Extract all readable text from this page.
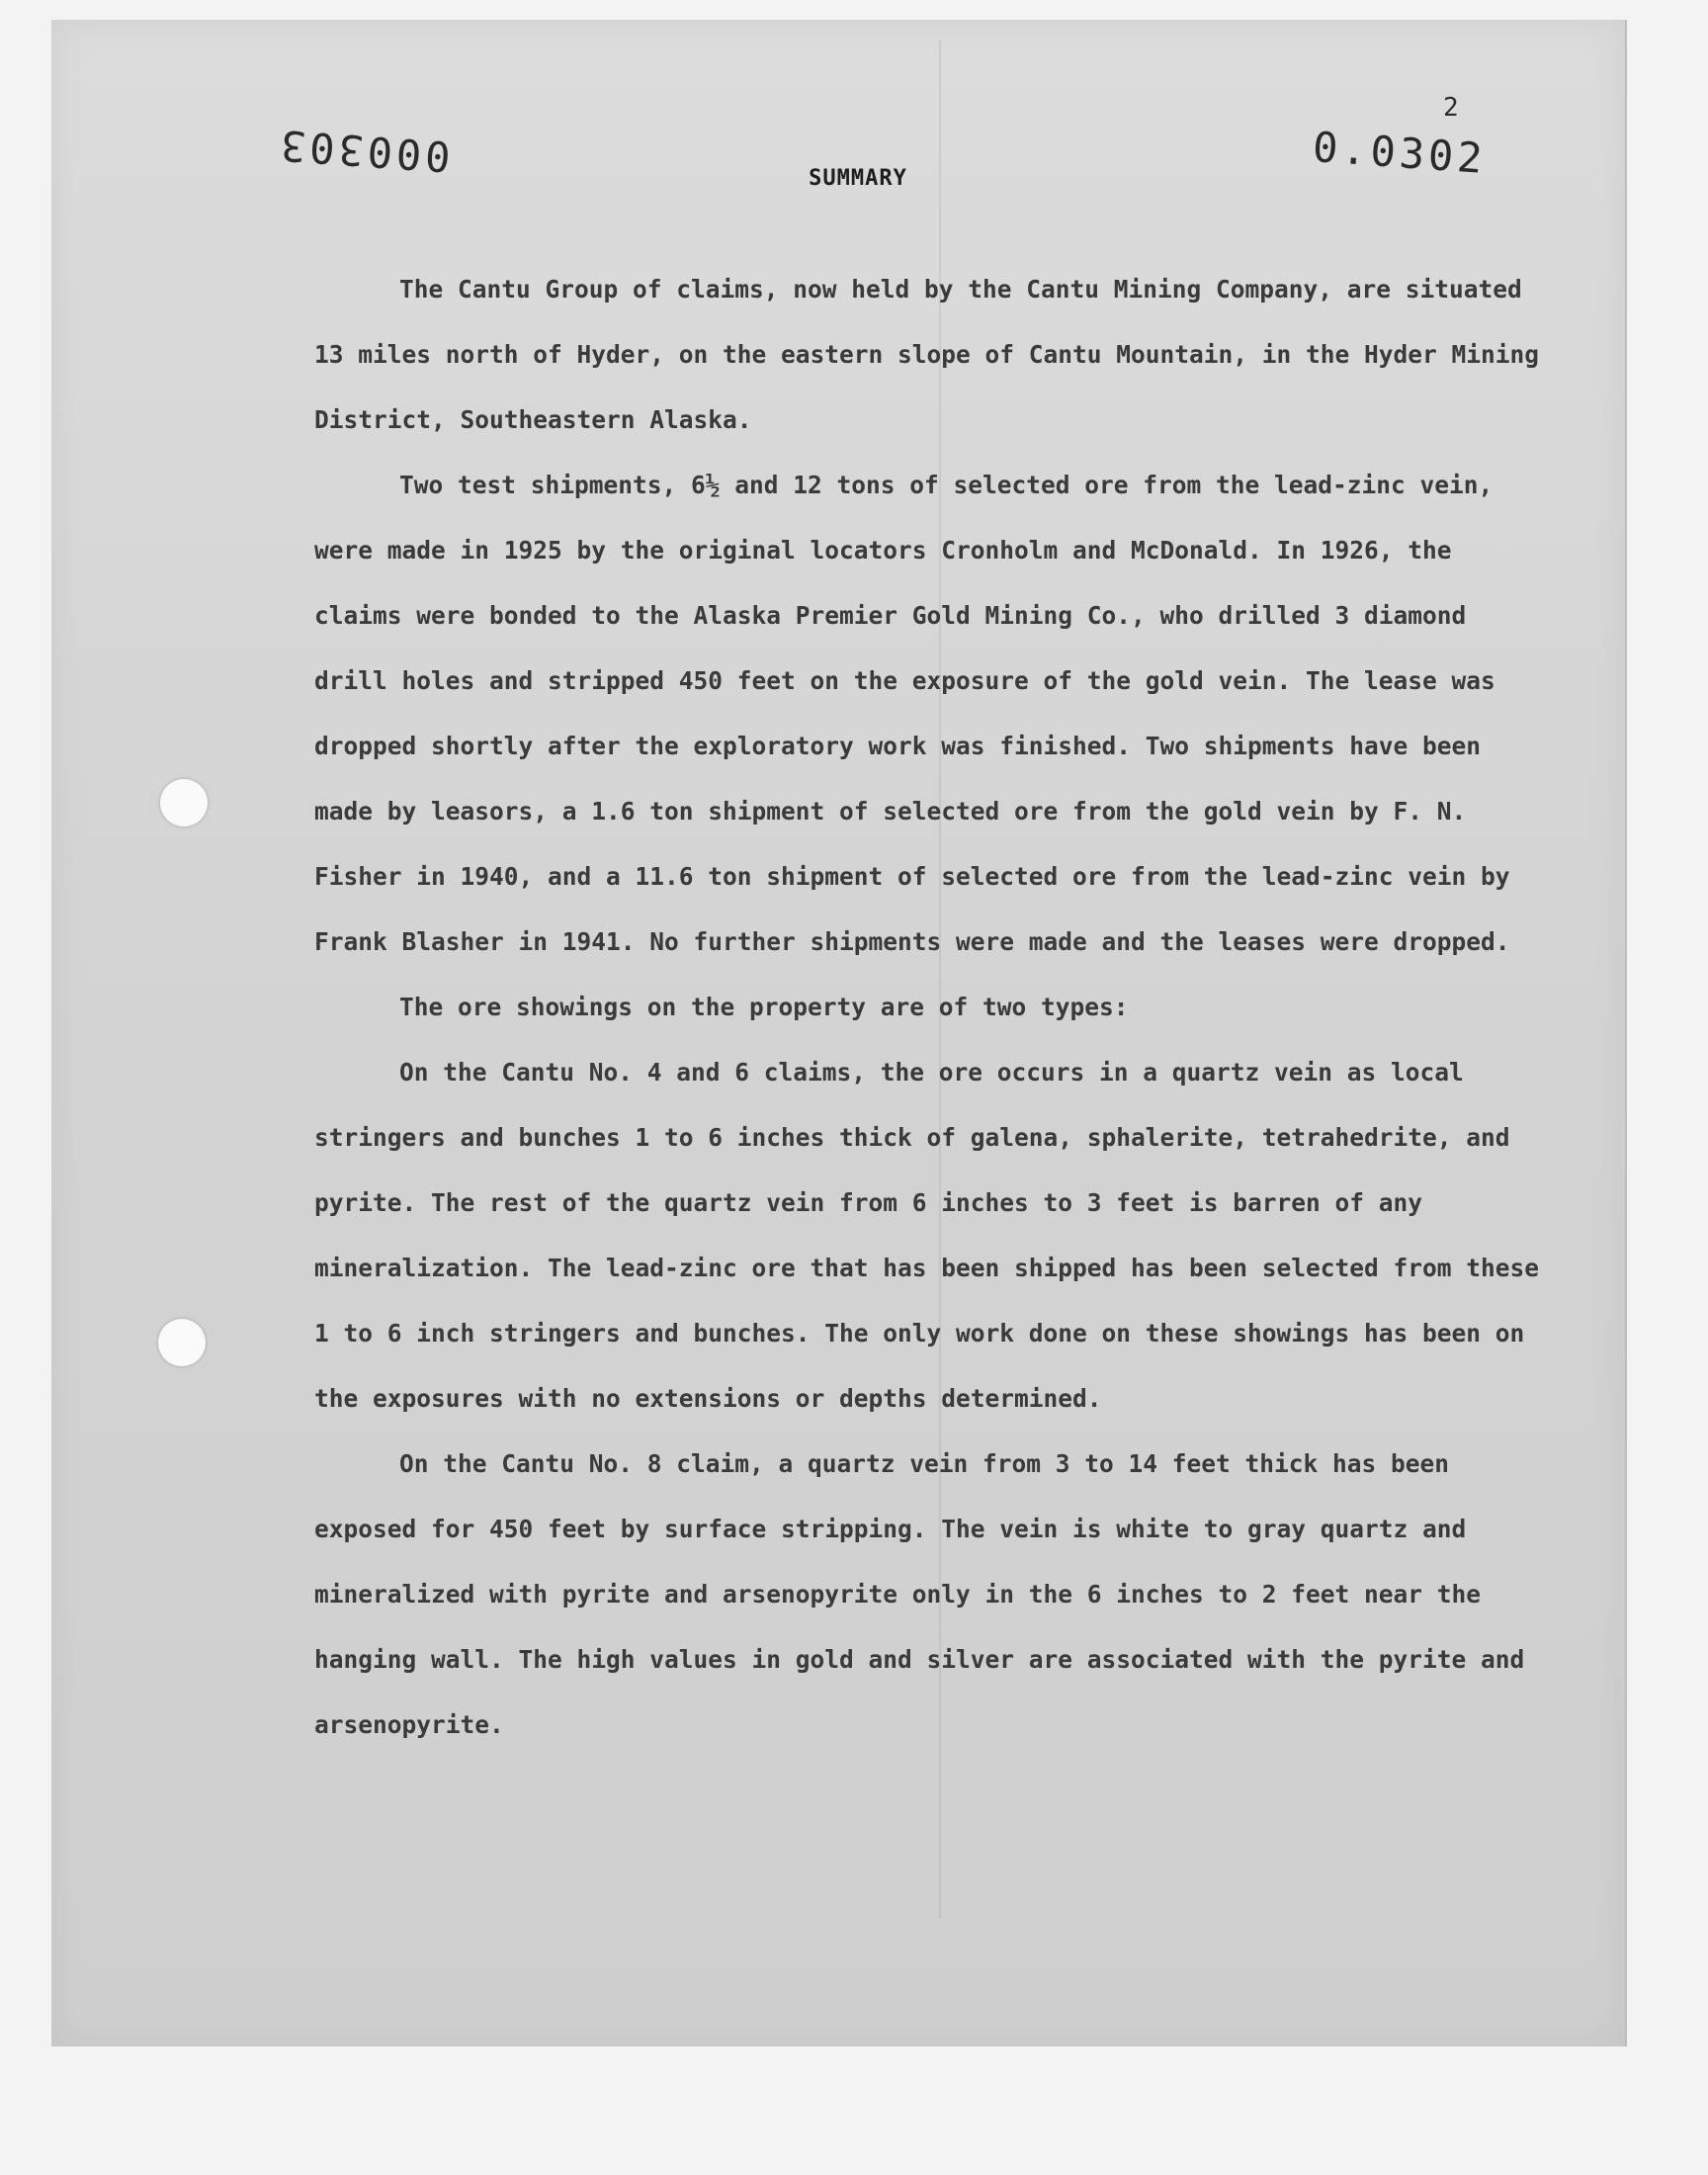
000303
2
0.0302
SUMMARY

The Cantu Group of claims, now held by the Cantu Mining Company, are situated 13 miles north of Hyder, on the eastern slope of Cantu Mountain, in the Hyder Mining District, Southeastern Alaska.

Two test shipments, 6½ and 12 tons of selected ore from the lead-zinc vein, were made in 1925 by the original locators Cronholm and McDonald. In 1926, the claims were bonded to the Alaska Premier Gold Mining Co., who drilled 3 diamond drill holes and stripped 450 feet on the exposure of the gold vein. The lease was dropped shortly after the exploratory work was finished. Two shipments have been made by leasors, a 1.6 ton shipment of selected ore from the gold vein by F. N. Fisher in 1940, and a 11.6 ton shipment of selected ore from the lead-zinc vein by Frank Blasher in 1941. No further shipments were made and the leases were dropped.

The ore showings on the property are of two types:

On the Cantu No. 4 and 6 claims, the ore occurs in a quartz vein as local stringers and bunches 1 to 6 inches thick of galena, sphalerite, tetrahedrite, and pyrite. The rest of the quartz vein from 6 inches to 3 feet is barren of any mineralization. The lead-zinc ore that has been shipped has been selected from these 1 to 6 inch stringers and bunches. The only work done on these showings has been on the exposures with no extensions or depths determined.

On the Cantu No. 8 claim, a quartz vein from 3 to 14 feet thick has been exposed for 450 feet by surface stripping. The vein is white to gray quartz and mineralized with pyrite and arsenopyrite only in the 6 inches to 2 feet near the hanging wall. The high values in gold and silver are associated with the pyrite and arsenopyrite.
